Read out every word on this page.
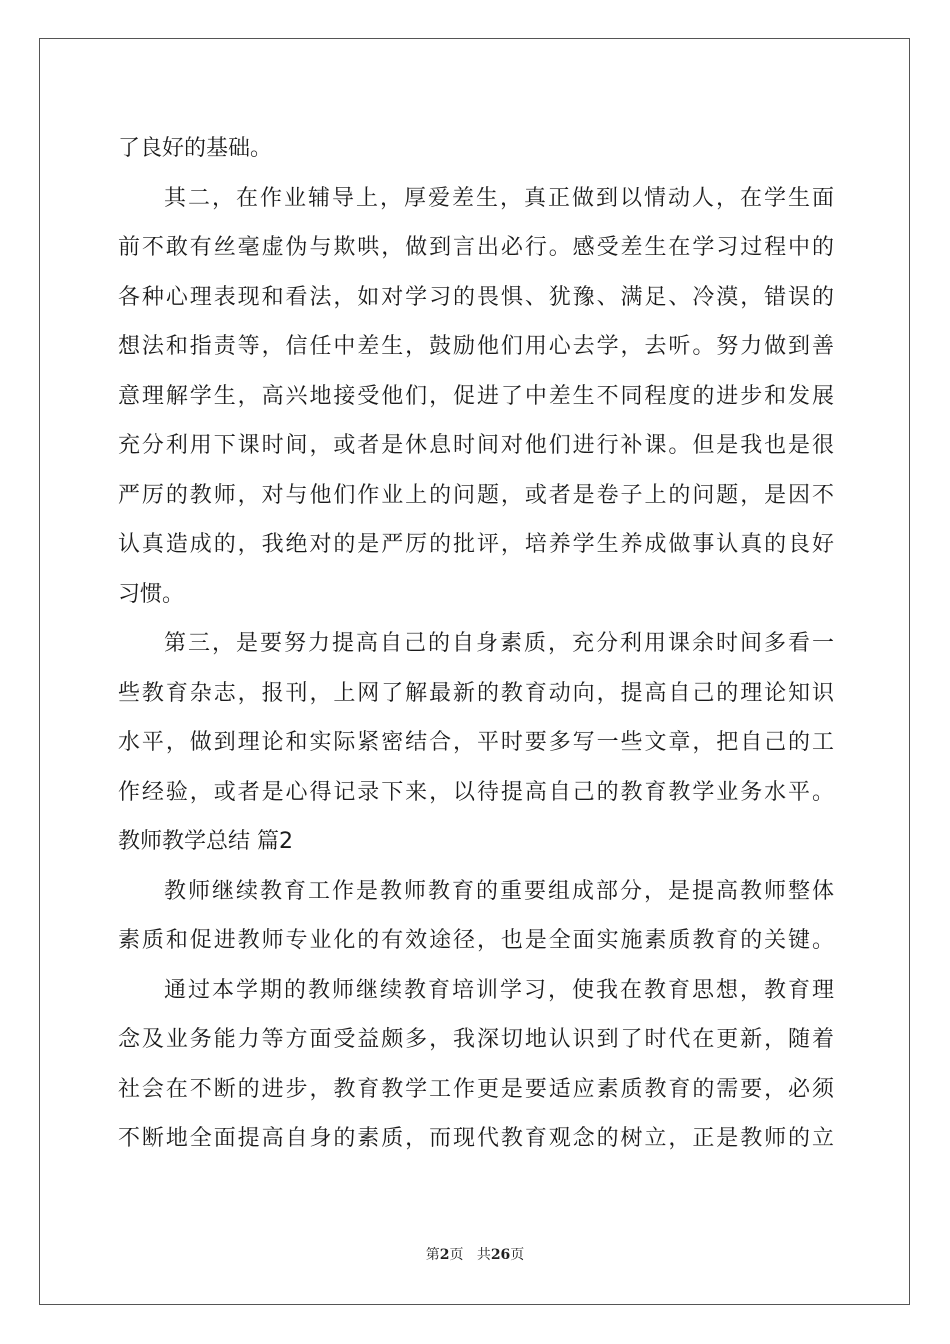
了良好的基础。
其二，在作业辅导上，厚爱差生，真正做到以情动人，在学生面
前不敢有丝毫虚伪与欺哄，做到言出必行。感受差生在学习过程中的
各种心理表现和看法，如对学习的畏惧、犹豫、满足、冷漠，错误的
想法和指责等，信任中差生，鼓励他们用心去学，去听。努力做到善
意理解学生，高兴地接受他们，促进了中差生不同程度的进步和发展
充分利用下课时间，或者是休息时间对他们进行补课。但是我也是很
严厉的教师，对与他们作业上的问题，或者是卷子上的问题，是因不
认真造成的，我绝对的是严厉的批评，培养学生养成做事认真的良好
习惯。
第三，是要努力提高自己的自身素质，充分利用课余时间多看一
些教育杂志，报刊，上网了解最新的教育动向，提高自己的理论知识
水平，做到理论和实际紧密结合，平时要多写一些文章，把自己的工
作经验，或者是心得记录下来，以待提高自己的教育教学业务水平。
教师教学总结 篇2
教师继续教育工作是教师教育的重要组成部分，是提高教师整体
素质和促进教师专业化的有效途径，也是全面实施素质教育的关键。
通过本学期的教师继续教育培训学习，使我在教育思想，教育理
念及业务能力等方面受益颇多，我深切地认识到了时代在更新，随着
社会在不断的进步，教育教学工作更是要适应素质教育的需要，必须
不断地全面提高自身的素质，而现代教育观念的树立，正是教师的立
第2页 共26页
